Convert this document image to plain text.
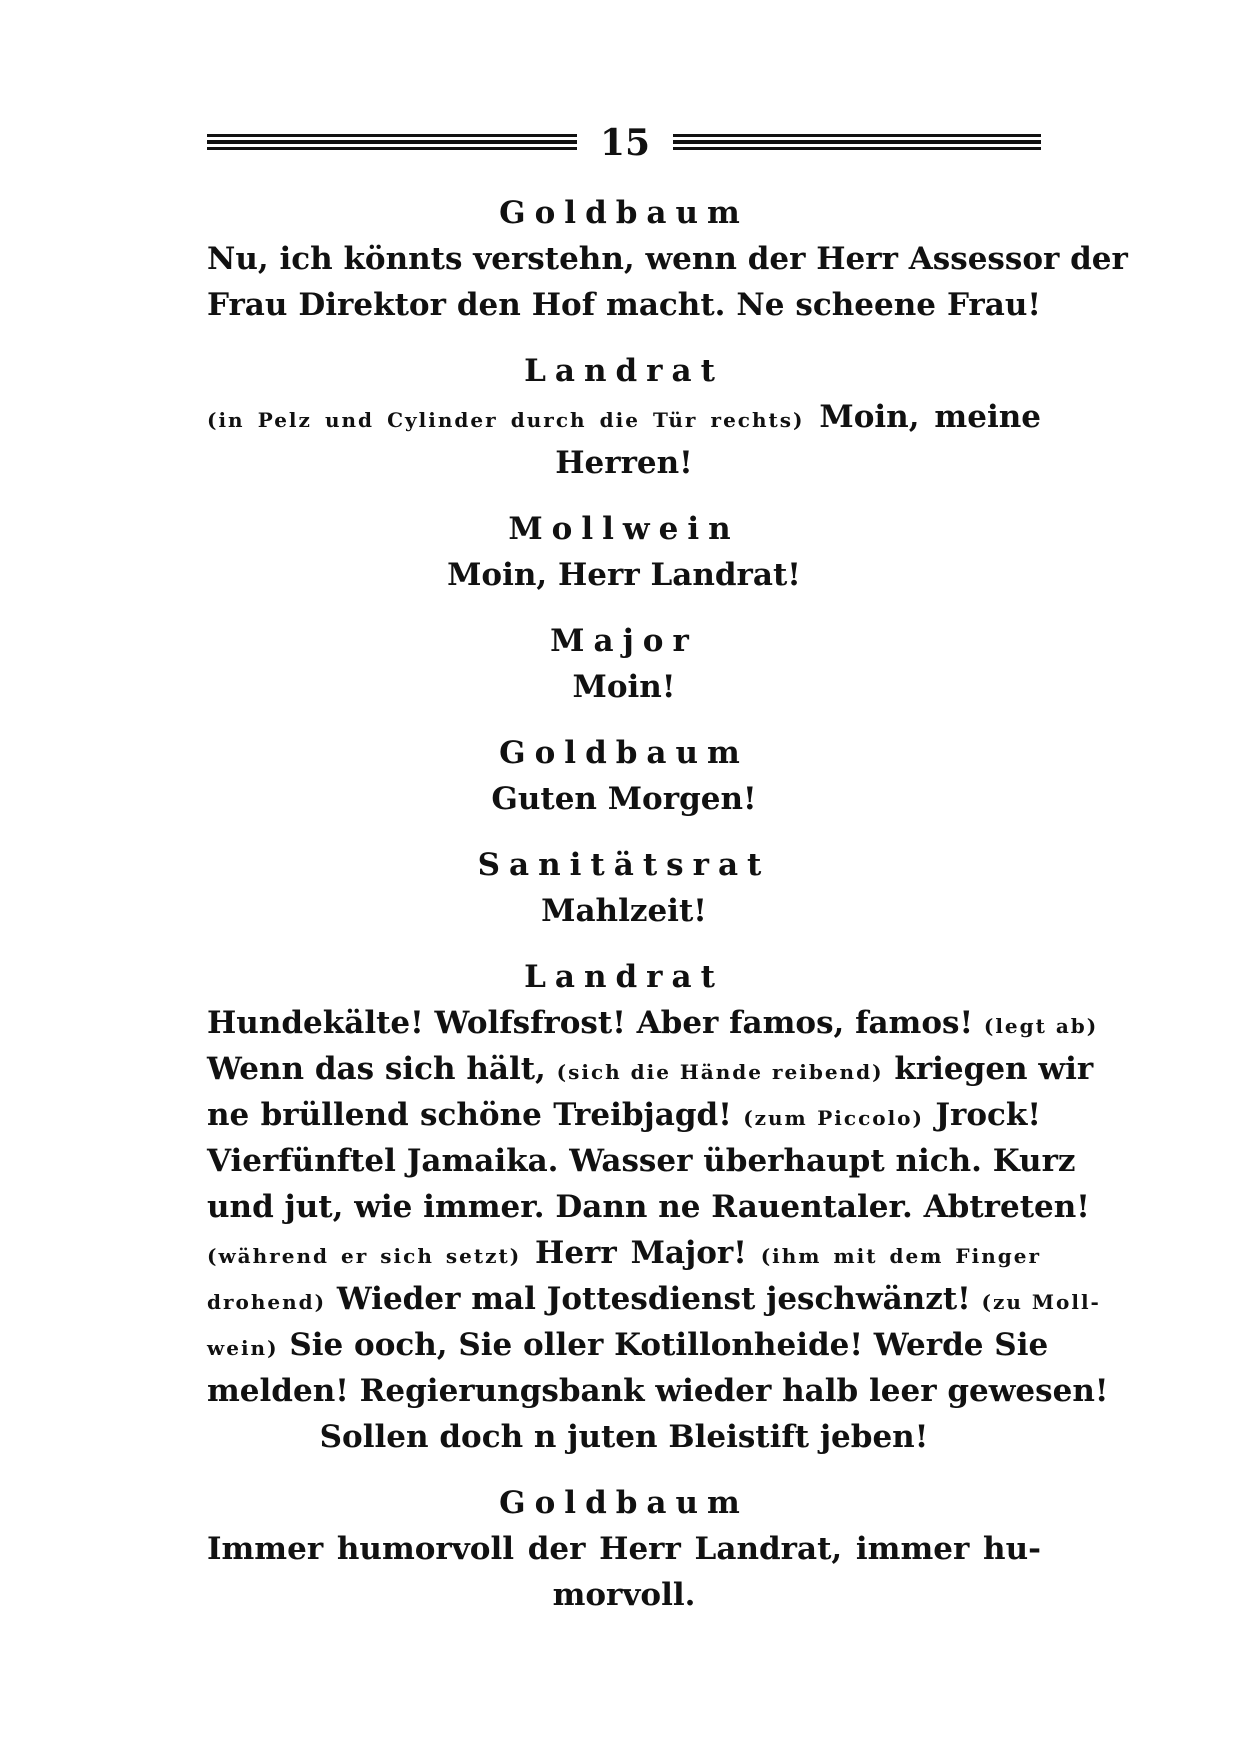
15
Goldbaum
Nu, ich könnts verstehn, wenn der Herr Assessor der
Frau Direktor den Hof macht. Ne scheene Frau!
Landrat
(in Pelz und Cylinder durch die Tür rechts) Moin, meine
Herren!
Mollwein
Moin, Herr Landrat!
Major
Moin!
Goldbaum
Guten Morgen!
Sanitätsrat
Mahlzeit!
Landrat
Hundekälte! Wolfsfrost! Aber famos, famos! (legt ab)
Wenn das sich hält, (sich die Hände reibend) kriegen wir
ne brüllend schöne Treibjagd! (zum Piccolo) Jrock!
Vierfünftel Jamaika. Wasser überhaupt nich. Kurz
und jut, wie immer. Dann ne Rauentaler. Abtreten!
(während er sich setzt) Herr Major! (ihm mit dem Finger
drohend) Wieder mal Jottesdienst jeschwänzt! (zu Moll-
wein) Sie ooch, Sie oller Kotillonheide! Werde Sie
melden! Regierungsbank wieder halb leer gewesen!
Sollen doch n juten Bleistift jeben!
Goldbaum
Immer humorvoll der Herr Landrat, immer hu-
morvoll.
